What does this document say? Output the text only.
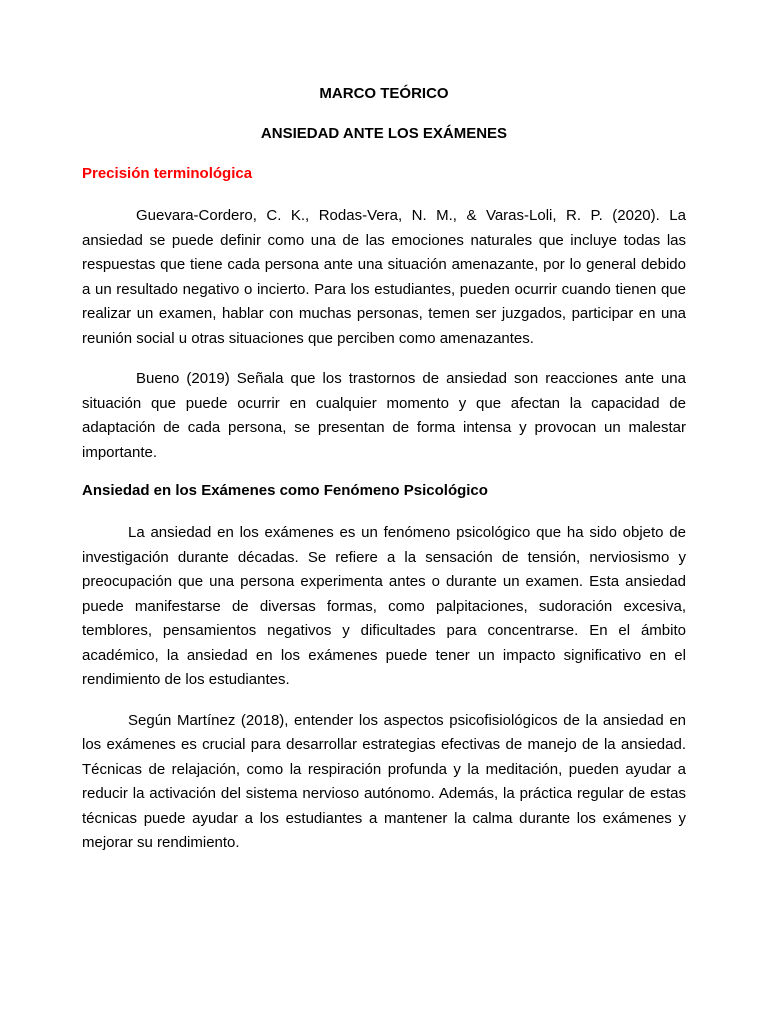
MARCO TEÓRICO
ANSIEDAD ANTE LOS EXÁMENES
Precisión terminológica

Guevara-Cordero, C. K., Rodas-Vera, N. M., & Varas-Loli, R. P. (2020). La ansiedad se puede definir como una de las emociones naturales que incluye todas las respuestas que tiene cada persona ante una situación amenazante, por lo general debido a un resultado negativo o incierto. Para los estudiantes, pueden ocurrir cuando tienen que realizar un examen, hablar con muchas personas, temen ser juzgados, participar en una reunión social u otras situaciones que perciben como amenazantes.

Bueno (2019) Señala que los trastornos de ansiedad son reacciones ante una situación que puede ocurrir en cualquier momento y que afectan la capacidad de adaptación de cada persona, se presentan de forma intensa y provocan un malestar importante.

Ansiedad en los Exámenes como Fenómeno Psicológico

La ansiedad en los exámenes es un fenómeno psicológico que ha sido objeto de investigación durante décadas. Se refiere a la sensación de tensión, nerviosismo y preocupación que una persona experimenta antes o durante un examen. Esta ansiedad puede manifestarse de diversas formas, como palpitaciones, sudoración excesiva, temblores, pensamientos negativos y dificultades para concentrarse. En el ámbito académico, la ansiedad en los exámenes puede tener un impacto significativo en el rendimiento de los estudiantes.

Según Martínez (2018), entender los aspectos psicofisiológicos de la ansiedad en los exámenes es crucial para desarrollar estrategias efectivas de manejo de la ansiedad. Técnicas de relajación, como la respiración profunda y la meditación, pueden ayudar a reducir la activación del sistema nervioso autónomo. Además, la práctica regular de estas técnicas puede ayudar a los estudiantes a mantener la calma durante los exámenes y mejorar su rendimiento.
